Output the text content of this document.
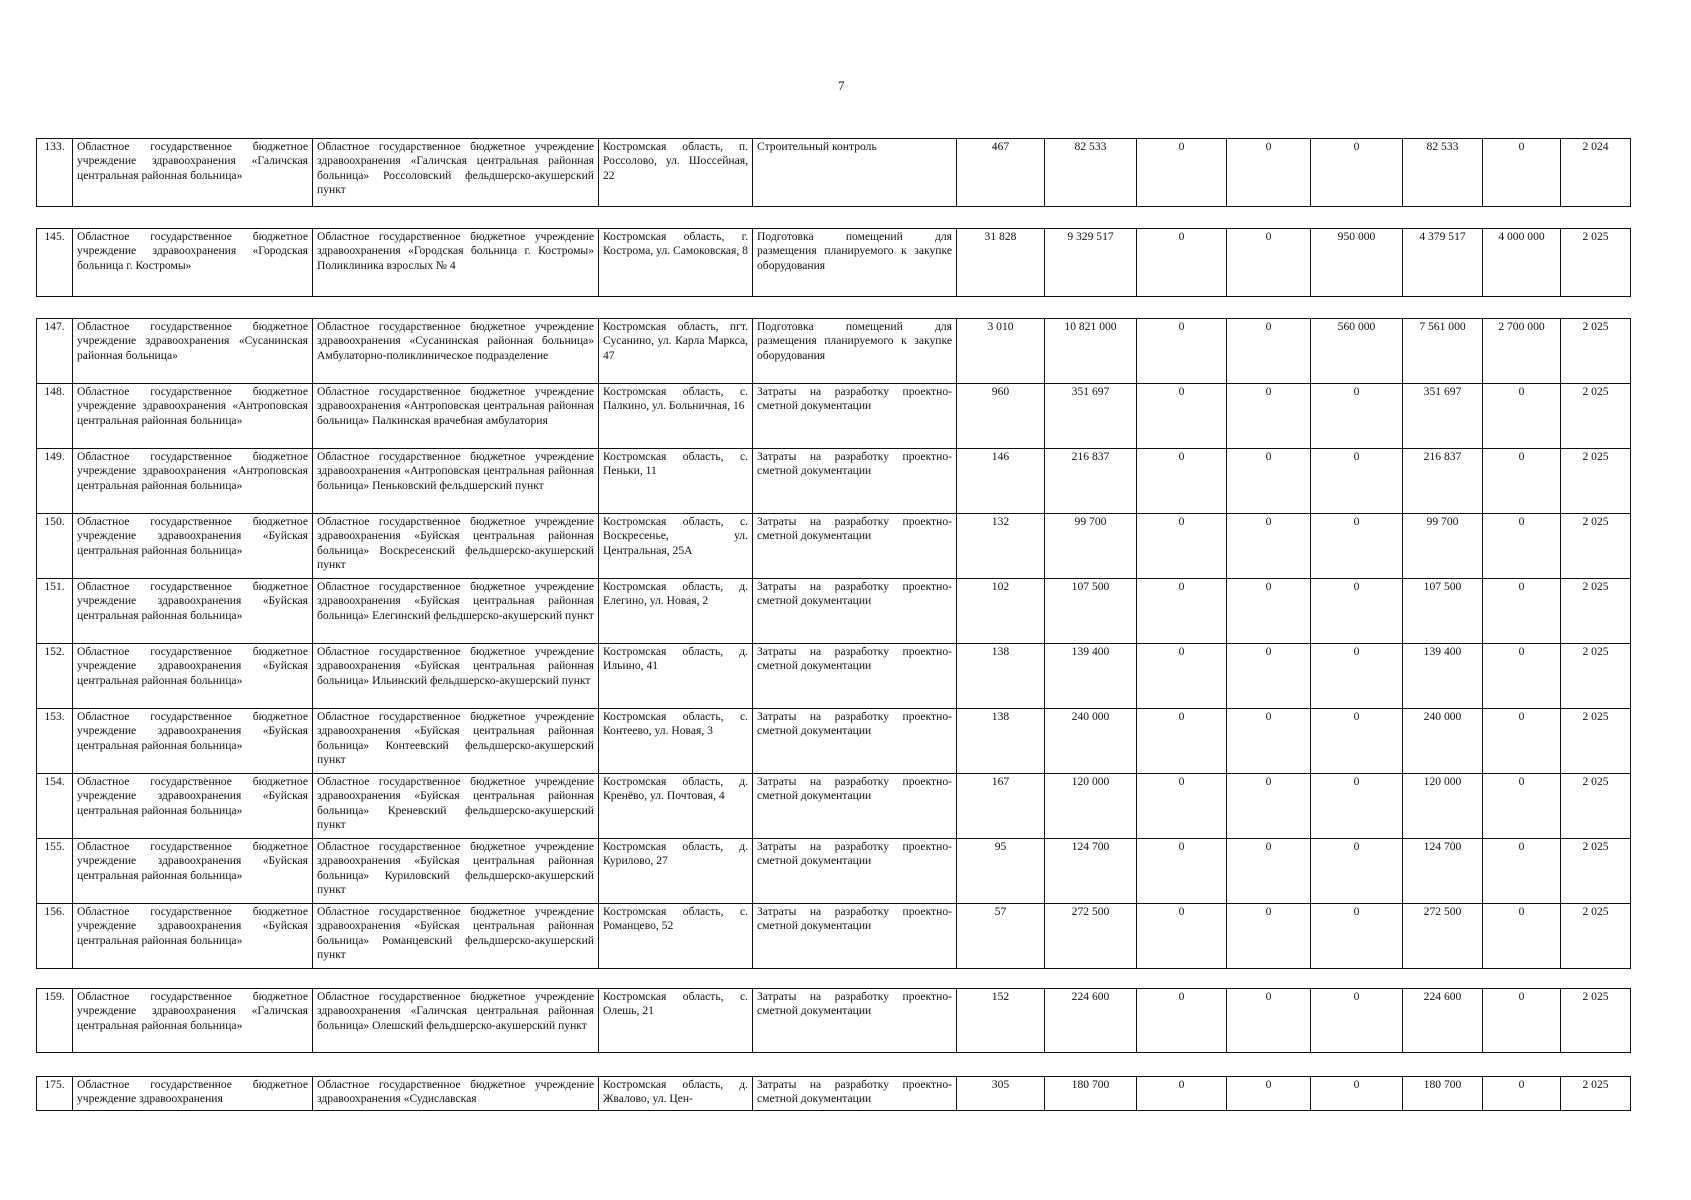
7
133.	Областное государственное бюджетное учреждение здравоохранения «Галичская центральная районная больница»	Областное государственное бюджетное учреждение здравоохранения «Галичская центральная районная больница» Россоловский фельдшерско-акушерский пункт	Костромская область, п. Россолово, ул. Шоссейная, 22	Строительный контроль	467	82 533	0	0	0	82 533	0	2 024
145.	Областное государственное бюджетное учреждение здравоохранения «Городская больница г. Костромы»	Областное государственное бюджетное учреждение здравоохранения «Городская больница г. Костромы» Поликлиника взрослых № 4	Костромская область, г. Кострома, ул. Самоковская, 8	Подготовка помещений для размещения планируемого к закупке оборудования	31 828	9 329 517	0	0	950 000	4 379 517	4 000 000	2 025
147.	Областное государственное бюджетное учреждение здравоохранения «Сусанинская районная больница»	Областное государственное бюджетное учреждение здравоохранения «Сусанинская районная больница» Амбулаторно-поликлиническое подразделение	Костромская область, пгт. Сусанино, ул. Карла Маркса, 47	Подготовка помещений для размещения планируемого к закупке оборудования	3 010	10 821 000	0	0	560 000	7 561 000	2 700 000	2 025
148.	Областное государственное бюджетное учреждение здравоохранения «Антроповская центральная районная больница»	Областное государственное бюджетное учреждение здравоохранения «Антроповская центральная районная больница» Палкинская врачебная амбулатория	Костромская область, с. Палкино, ул. Больничная, 16	Затраты на разработку проектно-сметной документации	960	351 697	0	0	0	351 697	0	2 025
149.	Областное государственное бюджетное учреждение здравоохранения «Антроповская центральная районная больница»	Областное государственное бюджетное учреждение здравоохранения «Антроповская центральная районная больница» Пеньковский фельдшерский пункт	Костромская область, с. Пеньки, 11	Затраты на разработку проектно-сметной документации	146	216 837	0	0	0	216 837	0	2 025
150.	Областное государственное бюджетное учреждение здравоохранения «Буйская центральная районная больница»	Областное государственное бюджетное учреждение здравоохранения «Буйская центральная районная больница» Воскресенский фельдшерско-акушерский пункт	Костромская область, с. Воскресенье, ул. Центральная, 25А	Затраты на разработку проектно-сметной документации	132	99 700	0	0	0	99 700	0	2 025
151.	Областное государственное бюджетное учреждение здравоохранения «Буйская центральная районная больница»	Областное государственное бюджетное учреждение здравоохранения «Буйская центральная районная больница» Елегинский фельдшерско-акушерский пункт	Костромская область, д. Елегино, ул. Новая, 2	Затраты на разработку проектно-сметной документации	102	107 500	0	0	0	107 500	0	2 025
152.	Областное государственное бюджетное учреждение здравоохранения «Буйская центральная районная больница»	Областное государственное бюджетное учреждение здравоохранения «Буйская центральная районная больница» Ильинский фельдшерско-акушерский пункт	Костромская область, д. Ильино, 41	Затраты на разработку проектно-сметной документации	138	139 400	0	0	0	139 400	0	2 025
153.	Областное государственное бюджетное учреждение здравоохранения «Буйская центральная районная больница»	Областное государственное бюджетное учреждение здравоохранения «Буйская центральная районная больница» Контеевский фельдшерско-акушерский пункт	Костромская область, с. Контеево, ул. Новая, 3	Затраты на разработку проектно-сметной документации	138	240 000	0	0	0	240 000	0	2 025
154.	Областное государственное бюджетное учреждение здравоохранения «Буйская центральная районная больница»	Областное государственное бюджетное учреждение здравоохранения «Буйская центральная районная больница» Креневский фельдшерско-акушерский пункт	Костромская область, д. Кренёво, ул. Почтовая, 4	Затраты на разработку проектно-сметной документации	167	120 000	0	0	0	120 000	0	2 025
155.	Областное государственное бюджетное учреждение здравоохранения «Буйская центральная районная больница»	Областное государственное бюджетное учреждение здравоохранения «Буйская центральная районная больница» Куриловский фельдшерско-акушерский пункт	Костромская область, д. Курилово, 27	Затраты на разработку проектно-сметной документации	95	124 700	0	0	0	124 700	0	2 025
156.	Областное государственное бюджетное учреждение здравоохранения «Буйская центральная районная больница»	Областное государственное бюджетное учреждение здравоохранения «Буйская центральная районная больница» Романцевский фельдшерско-акушерский пункт	Костромская область, с. Романцево, 52	Затраты на разработку проектно-сметной документации	57	272 500	0	0	0	272 500	0	2 025
159.	Областное государственное бюджетное учреждение здравоохранения «Галичская центральная районная больница»	Областное государственное бюджетное учреждение здравоохранения «Галичская центральная районная больница» Олешский фельдшерско-акушерский пункт	Костромская область, с. Олешь, 21	Затраты на разработку проектно-сметной документации	152	224 600	0	0	0	224 600	0	2 025
175.	Областное государственное бюджетное учреждение здравоохранения	Областное государственное бюджетное учреждение здравоохранения «Судиславская	Костромская область, д. Жвалово, ул. Цен-	Затраты на разработку проектно-сметной документации	305	180 700	0	0	0	180 700	0	2 025
